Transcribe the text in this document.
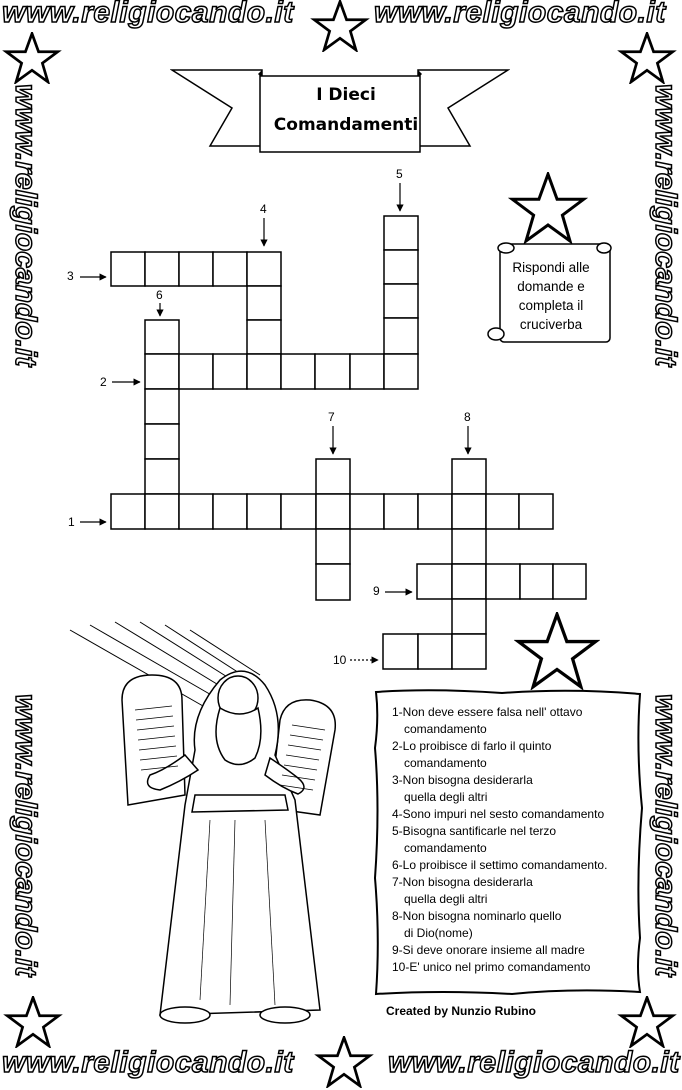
www.religiocando.it	www.religiocando.it
www.religiocando.it	www.religiocando.it
www.religiocando.it
www.religiocando.it
www.religiocando.it
www.religiocando.it
I Dieci
Comandamenti
Rispondi alle
domande e
completa il
cruciverba
1
2
3
4
5
6
7	8
9
10
1-Non deve essere falsa nell' ottavo
comandamento
2-Lo proibisce di farlo il quinto
comandamento
3-Non bisogna desiderarla
quella degli altri
4-Sono impuri nel sesto comandamento
5-Bisogna santificarle nel terzo
comandamento
6-Lo proibisce il settimo comandamento.
7-Non bisogna desiderarla
quella degli altri
8-Non bisogna nominarlo quello
di Dio(nome)
9-Si deve onorare insieme all madre
10-E' unico nel primo comandamento
Created by Nunzio Rubino
